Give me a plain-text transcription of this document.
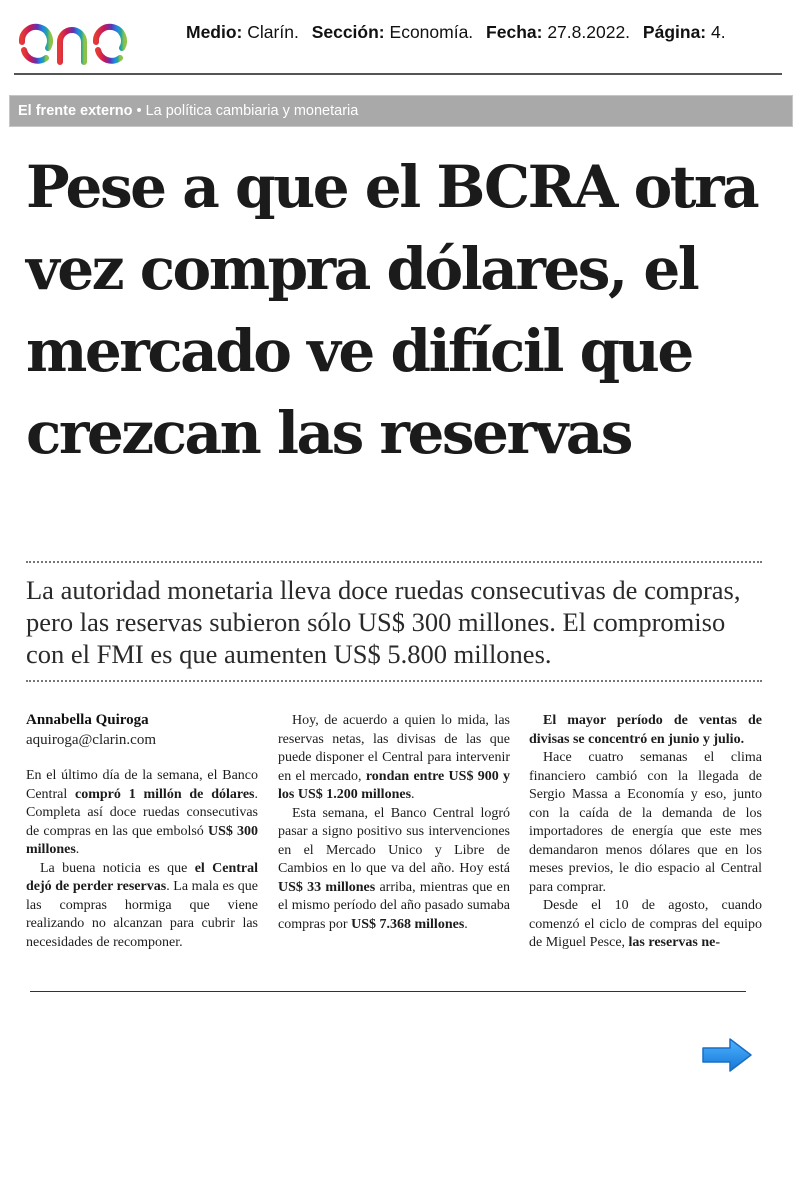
Medio: Clarín. Sección: Economía. Fecha: 27.8.2022. Página: 4.
El frente externo • La política cambiaria y monetaria
Pese a que el BCRA otra vez compra dólares, el mercado ve difícil que crezcan las reservas

La autoridad monetaria lleva doce ruedas consecutivas de compras, pero las reservas subieron sólo US$ 300 millones. El compromiso con el FMI es que aumenten US$ 5.800 millones.

Annabella Quiroga
aquiroga@clarin.com

En el último día de la semana, el Banco Central compró 1 millón de dólares. Completa así doce ruedas consecutivas de compras en las que embolsó US$ 300 millones.

La buena noticia es que el Central dejó de perder reservas. La mala es que las compras hormiga que viene realizando no alcanzan para cubrir las necesidades de recomponer.

Hoy, de acuerdo a quien lo mida, las reservas netas, las divisas de las que puede disponer el Central para intervenir en el mercado, rondan entre US$ 900 y los US$ 1.200 millones.

Esta semana, el Banco Central logró pasar a signo positivo sus intervenciones en el Mercado Unico y Libre de Cambios en lo que va del año. Hoy está US$ 33 millones arriba, mientras que en el mismo período del año pasado sumaba compras por US$ 7.368 millones.

El mayor período de ventas de divisas se concentró en junio y julio.

Hace cuatro semanas el clima financiero cambió con la llegada de Sergio Massa a Economía y eso, junto con la caída de la demanda de los importadores de energía que este mes demandaron menos dólares que en los meses previos, le dio espacio al Central para comprar.

Desde el 10 de agosto, cuando comenzó el ciclo de compras del equipo de Miguel Pesce, las reservas ne-
